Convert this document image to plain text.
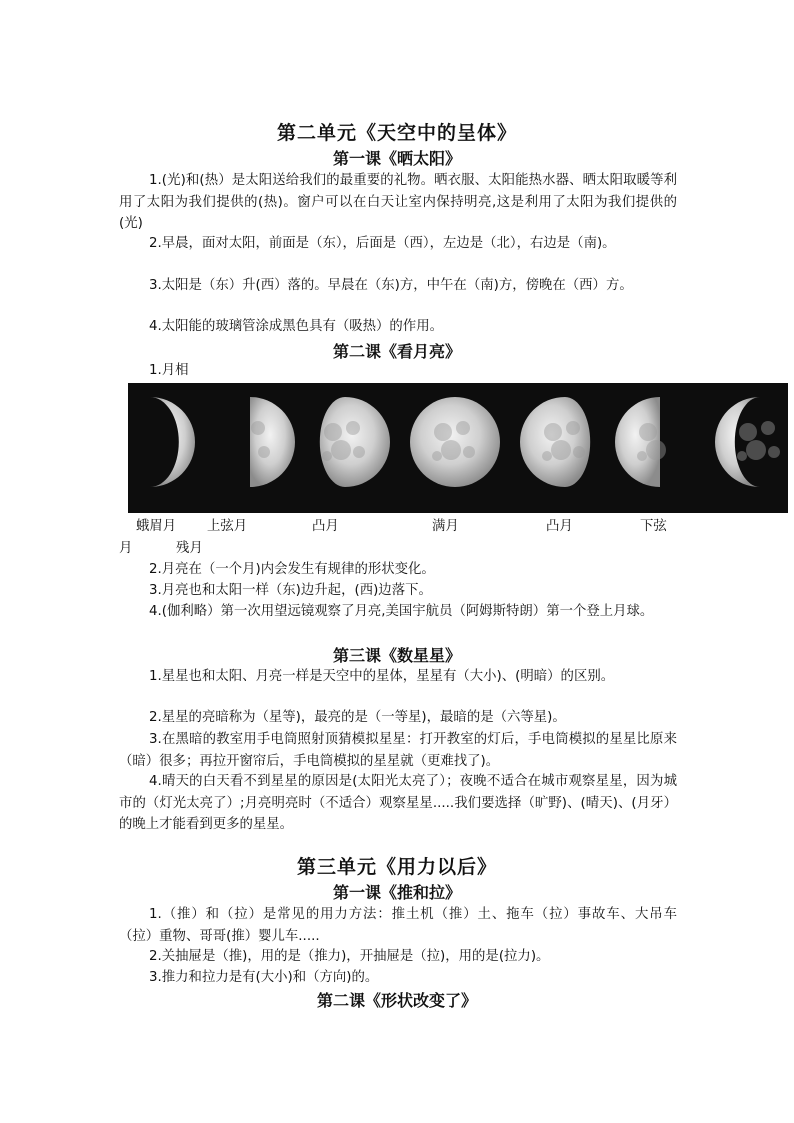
第二单元《天空中的呈体》
第一课《晒太阳》
1.(光)和(热）是太阳送给我们的最重要的礼物。晒衣服、太阳能热水器、晒太阳取暖等利用了太阳为我们提供的(热)。窗户可以在白天让室内保持明亮,这是利用了太阳为我们提供的(光)
2.早晨，面对太阳，前面是（东），后面是（西），左边是（北），右边是（南)。
3.太阳是（东）升(西）落的。早晨在（东)方，中午在（南)方，傍晚在（西）方。
4.太阳能的玻璃管涂成黑色具有（吸热）的作用。
第二课《看月亮》
1.月相
蛾眉月 上弦月	凸月	满月	凸月	下弦
月	残月
2.月亮在（一个月)内会发生有规律的形状变化。
3.月亮也和太阳一样（东)边升起，(西)边落下。
4.(伽利略）第一次用望远镜观察了月亮,美国宇航员（阿姆斯特朗）第一个登上月球。
第三课《数星星》
1.星星也和太阳、月亮一样是天空中的星体，星星有（大小)、(明暗）的区别。
2.星星的亮暗称为（星等)，最亮的是（一等星)，最暗的是（六等星)。
3.在黑暗的教室用手电筒照射顶猜模拟星星：打开教室的灯后，手电筒模拟的星星比原来（暗）很多；再拉开窗帘后，手电筒模拟的星星就（更难找了)。
4.晴天的白天看不到星星的原因是(太阳光太亮了）；夜晚不适合在城市观察星星，因为城市的（灯光太亮了）;月亮明亮时（不适合）观察星星.....我们要选择（旷野)、(晴天)、(月牙）的晚上才能看到更多的星星。
第三单元《用力以后》
第一课《推和拉》
1.（推）和（拉）是常见的用力方法：推土机（推）土、拖车（拉）事故车、大吊车（拉）重物、哥哥(推）婴儿车.....
2.关抽屉是（推)，用的是（推力)，开抽屉是（拉)，用的是(拉力)。
3.推力和拉力是有(大小)和（方向)的。
第二课《形状改变了》
